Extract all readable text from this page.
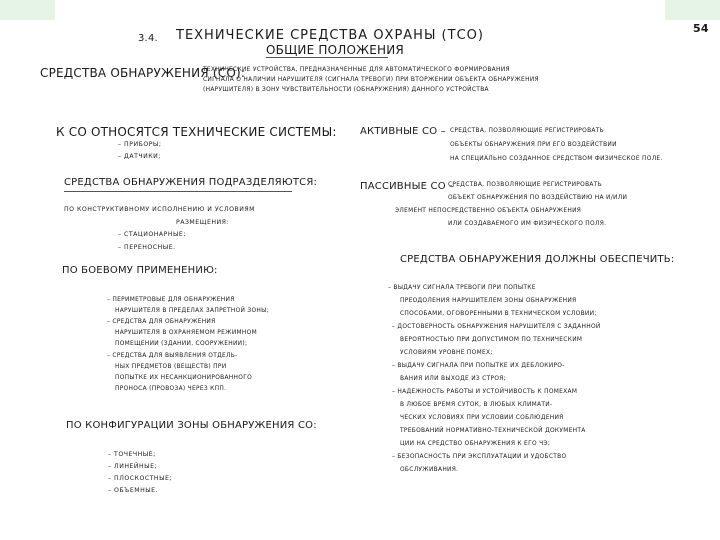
54
3.4. ТЕХНИЧЕСКИЕ СРЕДСТВА ОХРАНЫ (ТСО)
ОБЩИЕ ПОЛОЖЕНИЯ
СРЕДСТВА ОБНАРУЖЕНИЯ (СО):
ТЕХНИЧЕСКИЕ УСТРОЙСТВА, ПРЕДНАЗНАЧЕННЫЕ ДЛЯ АВТОМАТИЧЕСКОГО ФОРМИРОВАНИЯ
СИГНАЛА О НАЛИЧИИ НАРУШИТЕЛЯ (СИГНАЛА ТРЕВОГИ) ПРИ ВТОРЖЕНИИ ОБЪЕКТА ОБНАРУЖЕНИЯ
(НАРУШИТЕЛЯ) В ЗОНУ ЧУВСТВИТЕЛЬНОСТИ (ОБНАРУЖЕНИЯ) ДАННОГО УСТРОЙСТВА
К СО ОТНОСЯТСЯ ТЕХНИЧЕСКИЕ СИСТЕМЫ:
– ПРИБОРЫ;
– ДАТЧИКИ;
СРЕДСТВА ОБНАРУЖЕНИЯ ПОДРАЗДЕЛЯЮТСЯ:
ПО КОНСТРУКТИВНОМУ ИСПОЛНЕНИЮ И УСЛОВИЯМ
РАЗМЕЩЕНИЯ:
– СТАЦИОНАРНЫЕ;
– ПЕРЕНОСНЫЕ.
ПО БОЕВОМУ ПРИМЕНЕНИЮ:
– ПЕРИМЕТРОВЫЕ ДЛЯ ОБНАРУЖЕНИЯ
НАРУШИТЕЛЯ В ПРЕДЕЛАХ ЗАПРЕТНОЙ ЗОНЫ;
– СРЕДСТВА ДЛЯ ОБНАРУЖЕНИЯ
НАРУШИТЕЛЯ В ОХРАНЯЕМОМ РЕЖИМНОМ
ПОМЕЩЕНИИ (ЗДАНИИ, СООРУЖЕНИИ);
– СРЕДСТВА ДЛЯ ВЫЯВЛЕНИЯ ОТДЕЛЬ-
НЫХ ПРЕДМЕТОВ (ВЕЩЕСТВ) ПРИ
ПОПЫТКЕ ИХ НЕСАНКЦИОНИРОВАННОГО
ПРОНОСА (ПРОВОЗА) ЧЕРЕЗ КПП.
ПО КОНФИГУРАЦИИ ЗОНЫ ОБНАРУЖЕНИЯ СО:
– ТОЧЕЧНЫЕ;
– ЛИНЕЙНЫЕ;
– ПЛОСКОСТНЫЕ;
– ОБЪЕМНЫЕ.
АКТИВНЫЕ СО – СРЕДСТВА, ПОЗВОЛЯЮЩИЕ РЕГИСТРИРОВАТЬ
ОБЪЕКТЫ ОБНАРУЖЕНИЯ ПРИ ЕГО ВОЗДЕЙСТВИИ
НА СПЕЦИАЛЬНО СОЗДАННОЕ СРЕДСТВОМ ФИЗИЧЕСКОЕ ПОЛЕ.
ПАССИВНЫЕ СО –
СРЕДСТВА, ПОЗВОЛЯЮЩИЕ РЕГИСТРИРОВАТЬ
ОБЪЕКТ ОБНАРУЖЕНИЯ ПО ВОЗДЕЙСТВИЮ НА И/ИЛИ
ЭЛЕМЕНТ НЕПОСРЕДСТВЕННО ОБЪЕКТА ОБНАРУЖЕНИЯ
ИЛИ СОЗДАВАЕМОГО ИМ ФИЗИЧЕСКОГО ПОЛЯ.
СРЕДСТВА ОБНАРУЖЕНИЯ ДОЛЖНЫ ОБЕСПЕЧИТЬ:
– ВЫДАЧУ СИГНАЛА ТРЕВОГИ ПРИ ПОПЫТКЕ
ПРЕОДОЛЕНИЯ НАРУШИТЕЛЕМ ЗОНЫ ОБНАРУЖЕНИЯ
СПОСОБАМИ, ОГОВОРЕННЫМИ В ТЕХНИЧЕСКОМ УСЛОВИИ;
– ДОСТОВЕРНОСТЬ ОБНАРУЖЕНИЯ НАРУШИТЕЛЯ С ЗАДАННОЙ
ВЕРОЯТНОСТЬЮ ПРИ ДОПУСТИМОМ ПО ТЕХНИЧЕСКИМ
УСЛОВИЯМ УРОВНЕ ПОМЕХ;
– ВЫДАЧУ СИГНАЛА ПРИ ПОПЫТКЕ ИХ ДЕБЛОКИРО-
ВАНИЯ ИЛИ ВЫХОДЕ ИЗ СТРОЯ;
– НАДЕЖНОСТЬ РАБОТЫ И УСТОЙЧИВОСТЬ К ПОМЕХАМ
В ЛЮБОЕ ВРЕМЯ СУТОК, В ЛЮБЫХ КЛИМАТИ-
ЧЕСКИХ УСЛОВИЯХ ПРИ УСЛОВИИ СОБЛЮДЕНИЯ
ТРЕБОВАНИЙ НОРМАТИВНО-ТЕХНИЧЕСКОЙ ДОКУМЕНТА
ЦИИ НА СРЕДСТВО ОБНАРУЖЕНИЯ К ЕГО ЧЭ;
– БЕЗОПАСНОСТЬ ПРИ ЭКСПЛУАТАЦИИ И УДОБСТВО
ОБСЛУЖИВАНИЯ.
